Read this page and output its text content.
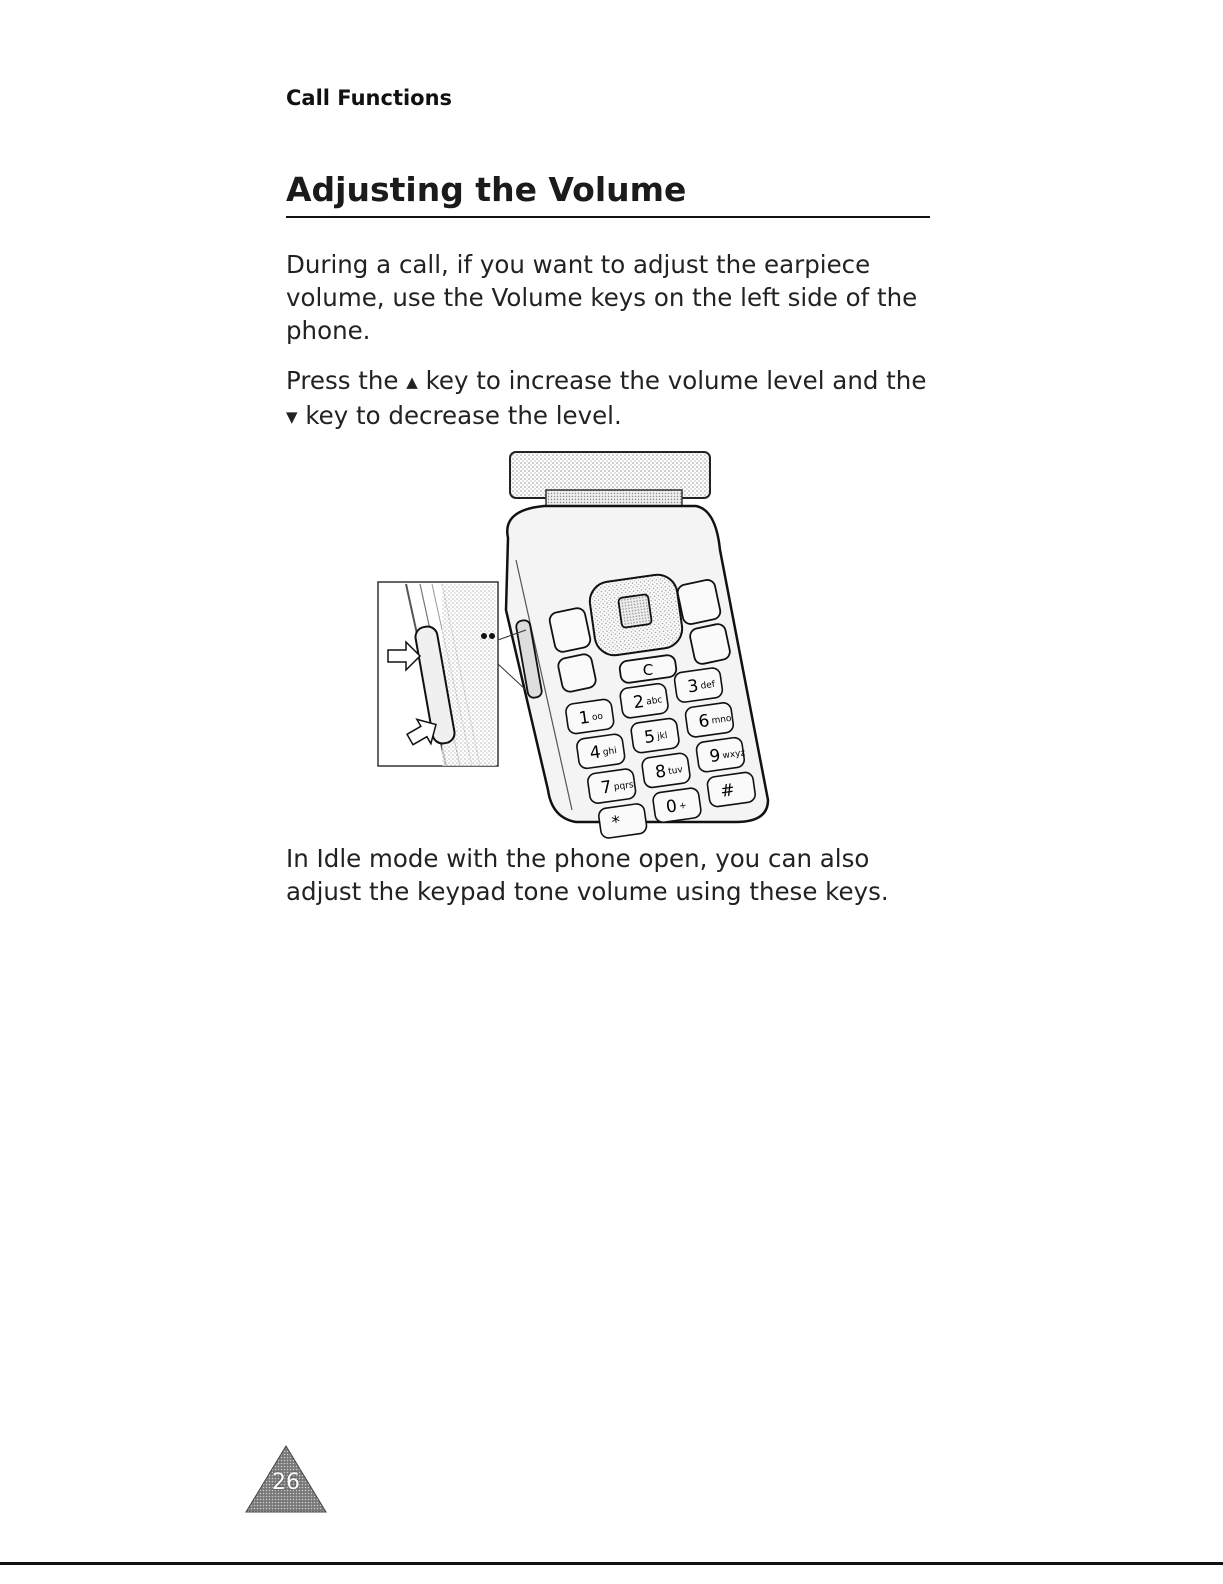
Call Functions
Adjusting the Volume

During a call, if you want to adjust the earpiece volume, use the Volume keys on the left side of the phone.

Press the ▲ key to increase the volume level and the ▼ key to decrease the level.

C
1 oo
2 abc
3 def
4 ghi
5 jkl
6 mno
7 pqrs
8 tuv
9 wxyz
*
0 +
#

In Idle mode with the phone open, you can also adjust the keypad tone volume using these keys.

26
